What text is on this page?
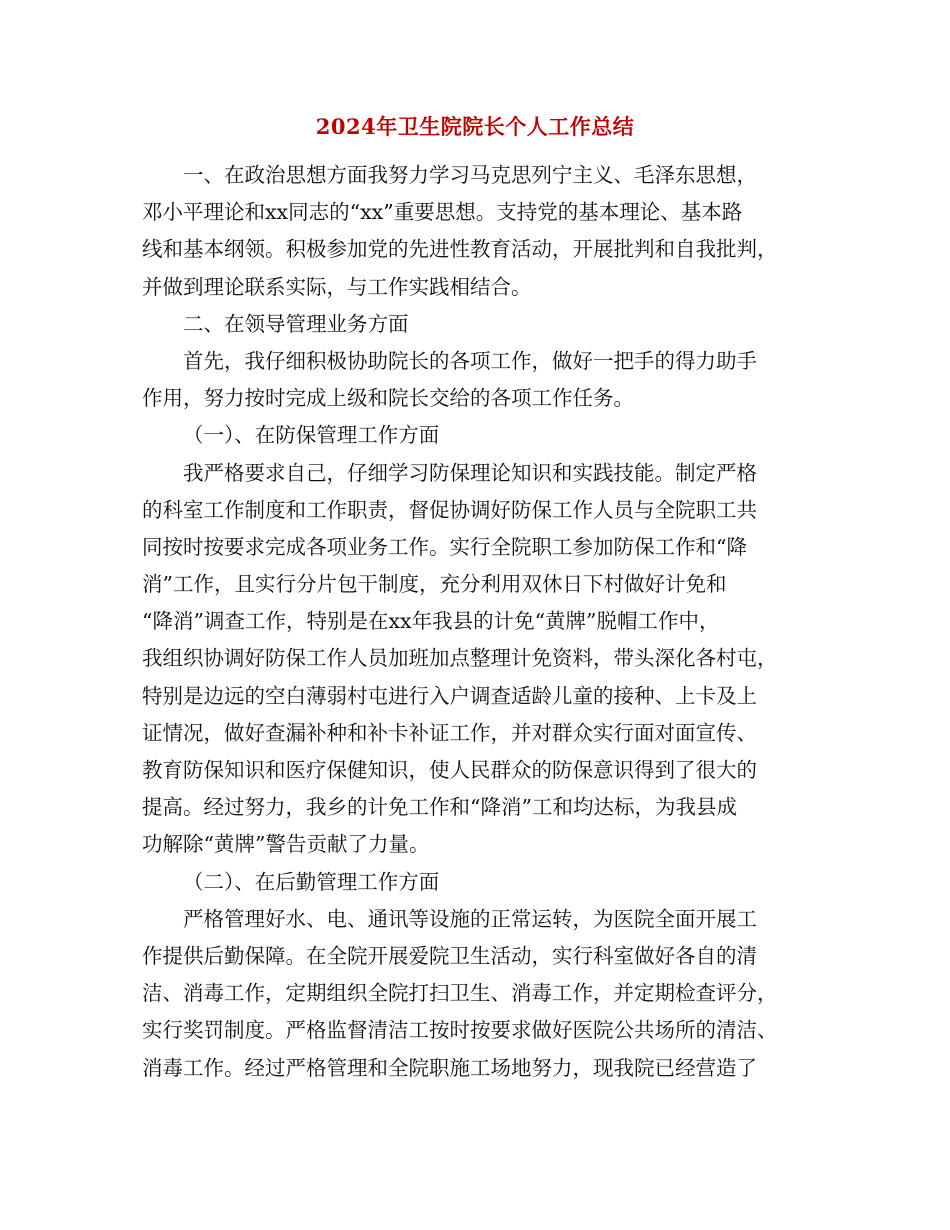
2024年卫生院院长个人工作总结
一、在政治思想方面我努力学习马克思列宁主义、毛泽东思想，
邓小平理论和xx同志的“xx”重要思想。支持党的基本理论、基本路
线和基本纲领。积极参加党的先进性教育活动，开展批判和自我批判，
并做到理论联系实际，与工作实践相结合。
二、在领导管理业务方面
首先，我仔细积极协助院长的各项工作，做好一把手的得力助手
作用，努力按时完成上级和院长交给的各项工作任务。
（一）、在防保管理工作方面
我严格要求自己，仔细学习防保理论知识和实践技能。制定严格
的科室工作制度和工作职责，督促协调好防保工作人员与全院职工共
同按时按要求完成各项业务工作。实行全院职工参加防保工作和“降
消”工作，且实行分片包干制度，充分利用双休日下村做好计免和
“降消”调查工作，特别是在xx年我县的计免“黄牌”脱帽工作中，
我组织协调好防保工作人员加班加点整理计免资料，带头深化各村屯，
特别是边远的空白薄弱村屯进行入户调查适龄儿童的接种、上卡及上
证情况，做好查漏补种和补卡补证工作，并对群众实行面对面宣传、
教育防保知识和医疗保健知识，使人民群众的防保意识得到了很大的
提高。经过努力，我乡的计免工作和“降消”工和均达标，为我县成
功解除“黄牌”警告贡献了力量。
（二）、在后勤管理工作方面
严格管理好水、电、通讯等设施的正常运转，为医院全面开展工
作提供后勤保障。在全院开展爱院卫生活动，实行科室做好各自的清
洁、消毒工作，定期组织全院打扫卫生、消毒工作，并定期检查评分，
实行奖罚制度。严格监督清洁工按时按要求做好医院公共场所的清洁、
消毒工作。经过严格管理和全院职施工场地努力，现我院已经营造了
